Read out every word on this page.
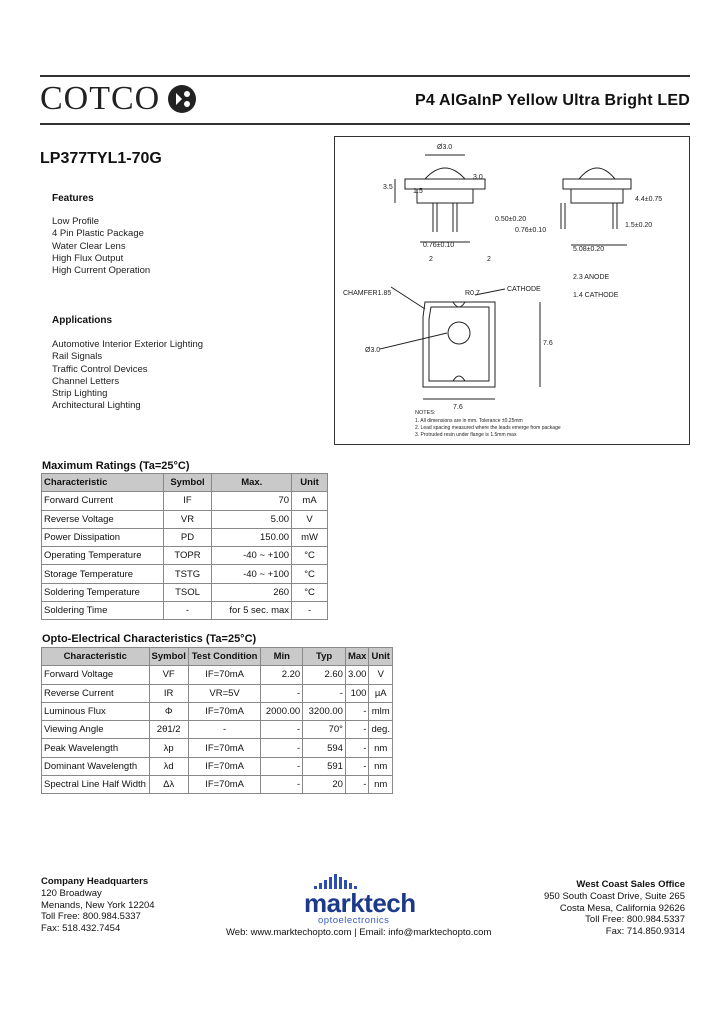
COTCO	P4 AlGaInP Yellow Ultra Bright LED
LP377TYL1-70G
Features
Low Profile
4 Pin Plastic Package
Water Clear Lens
High Flux Output
High Current Operation
Applications
Automotive Interior Exterior Lighting
Rail Signals
Traffic Control Devices
Channel Letters
Strip Lighting
Architectural Lighting
Ø3.0
3.0
3.5
1.5
0.50±0.20
0.76±0.10
0.76±0.10
1.5±0.20
5.08±0.20
4.4±0.75
2	2
2.3 ANODE
1.4 CATHODE
CHAMFER1.85	R0.7
CATHODE
Ø3.0
7.6
7.6
NOTES:
1. All dimensions are in mm. Tolerance ±0.25mm
2. Lead spacing measured where the leads emerge from package
3. Protruded resin under flange is 1.5mm max
Maximum Ratings (Ta=25°C)
Characteristic	Symbol	Max.	Unit
Forward Current	IF	70	mA
Reverse Voltage	VR	5.00	V
Power Dissipation	PD	150.00	mW
Operating Temperature	TOPR	-40 ~ +100	°C
Storage Temperature	TSTG	-40 ~ +100	°C
Soldering Temperature	TSOL	260	°C
Soldering Time	-	for 5 sec. max	-
Opto-Electrical Characteristics (Ta=25°C)
Characteristic	Symbol	Test Condition	Min	Typ	Max	Unit
Forward Voltage	VF	IF=70mA	2.20	2.60	3.00	V
Reverse Current	IR	VR=5V	-	-	100	µA
Luminous Flux	Φ	IF=70mA	2000.00	3200.00	-	mlm
Viewing Angle	2θ1/2	-	-	70°	-	deg.
Peak Wavelength	λp	IF=70mA	-	594	-	nm
Dominant Wavelength	λd	IF=70mA	-	591	-	nm
Spectral Line Half Width	Δλ	IF=70mA	-	20	-	nm
Company Headquarters
120 Broadway
Menands, New York 12204
Toll Free: 800.984.5337
Fax: 518.432.7454
marktech
optoelectronics
Web: www.marktechopto.com | Email: info@marktechopto.com
West Coast Sales Office
950 South Coast Drive, Suite 265
Costa Mesa, California 92626
Toll Free: 800.984.5337
Fax: 714.850.9314
